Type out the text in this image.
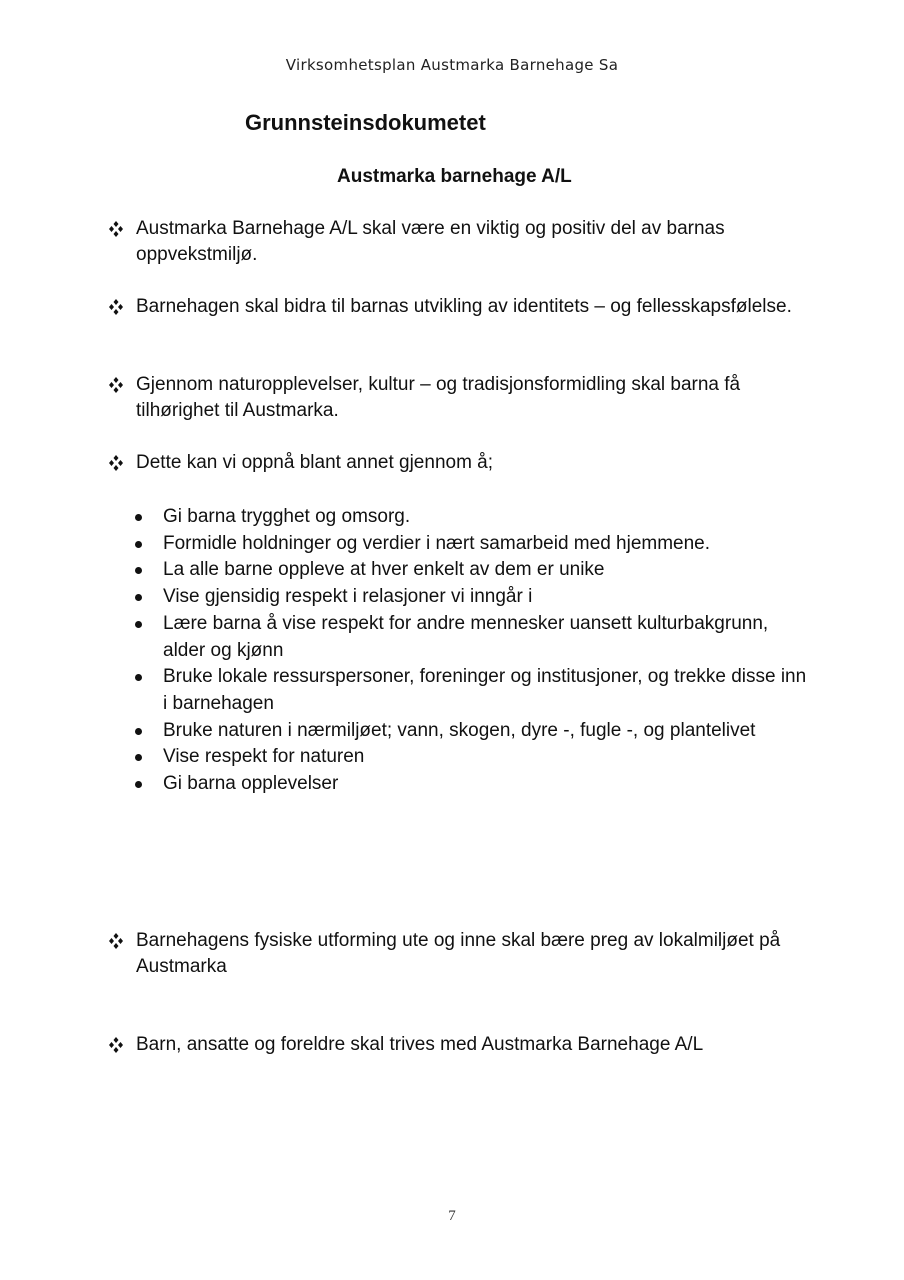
Virksomhetsplan Austmarka Barnehage Sa
Grunnsteinsdokumetet
Austmarka barnehage A/L
Austmarka Barnehage A/L skal være en viktig og positiv del av barnas oppvekstmiljø.
Barnehagen skal bidra til barnas utvikling av identitets – og fellesskapsfølelse.
Gjennom naturopplevelser, kultur – og tradisjonsformidling skal barna få tilhørighet til Austmarka.
Dette kan vi oppnå blant annet gjennom å;
Gi barna trygghet og omsorg.
Formidle holdninger og verdier i nært samarbeid med hjemmene.
La alle barne oppleve at hver enkelt av dem er unike
Vise gjensidig respekt i relasjoner vi inngår i
Lære barna å vise respekt for andre mennesker uansett kulturbakgrunn, alder og kjønn
Bruke lokale ressurspersoner, foreninger og institusjoner, og trekke disse inn i barnehagen
Bruke naturen i nærmiljøet; vann, skogen, dyre -, fugle -, og plantelivet
Vise respekt for naturen
Gi barna opplevelser
Barnehagens fysiske utforming ute og inne skal bære preg av lokalmiljøet på Austmarka
Barn, ansatte og foreldre skal trives med Austmarka Barnehage A/L
7
